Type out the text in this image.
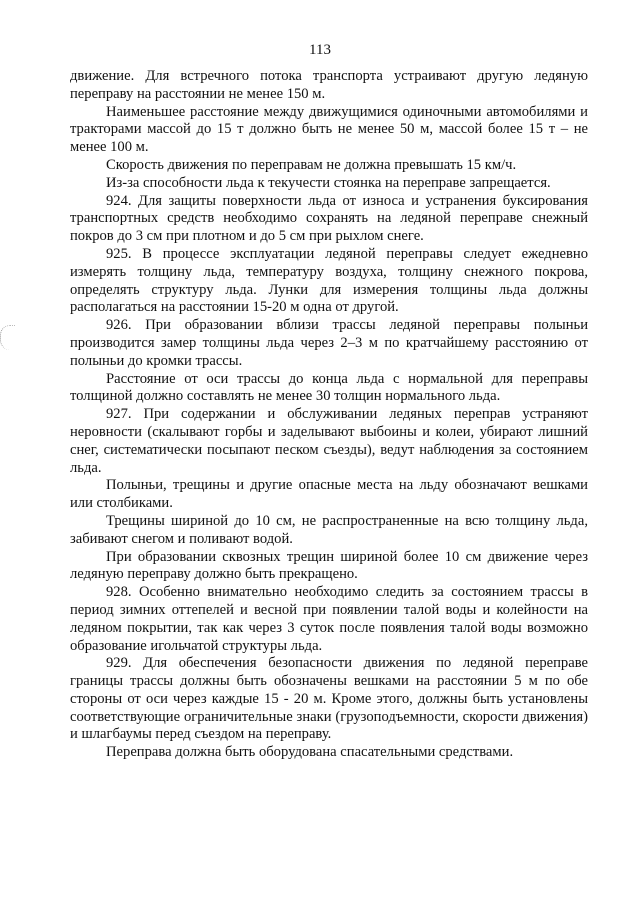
113

движение. Для встречного потока транспорта устраивают другую ледяную переправу на расстоянии не менее 150 м.

Наименьшее расстояние между движущимися одиночными автомобилями и тракторами массой до 15 т должно быть не менее 50 м, массой более 15 т – не менее 100 м.

Скорость движения по переправам не должна превышать 15 км/ч.

Из-за способности льда к текучести стоянка на переправе запрещается.

924. Для защиты поверхности льда от износа и устранения буксирования транспортных средств необходимо сохранять на ледяной переправе снежный покров до 3 см при плотном и до 5 см при рыхлом снеге.

925. В процессе эксплуатации ледяной переправы следует ежедневно измерять толщину льда, температуру воздуха, толщину снежного покрова, определять структуру льда. Лунки для измерения толщины льда должны располагаться на расстоянии 15-20 м одна от другой.

926. При образовании вблизи трассы ледяной переправы полыньи производится замер толщины льда через 2–3 м по кратчайшему расстоянию от полыньи до кромки трассы.

Расстояние от оси трассы до конца льда с нормальной для переправы толщиной должно составлять не менее 30 толщин нормального льда.

927. При содержании и обслуживании ледяных переправ устраняют неровности (скалывают горбы и заделывают выбоины и колеи, убирают лишний снег, систематически посыпают песком съезды), ведут наблюдения за состоянием льда.

Полыньи, трещины и другие опасные места на льду обозначают вешками или столбиками.

Трещины шириной до 10 см, не распространенные на всю толщину льда, забивают снегом и поливают водой.

При образовании сквозных трещин шириной более 10 см движение через ледяную переправу должно быть прекращено.

928. Особенно внимательно необходимо следить за состоянием трассы в период зимних оттепелей и весной при появлении талой воды и колейности на ледяном покрытии, так как через 3 суток после появления талой воды возможно образование игольчатой структуры льда.

929. Для обеспечения безопасности движения по ледяной переправе границы трассы должны быть обозначены вешками на расстоянии 5 м по обе стороны от оси через каждые 15 - 20 м. Кроме этого, должны быть установлены соответствующие ограничительные знаки (грузоподъемности, скорости движения) и шлагбаумы перед съездом на переправу.

Переправа должна быть оборудована спасательными средствами.
